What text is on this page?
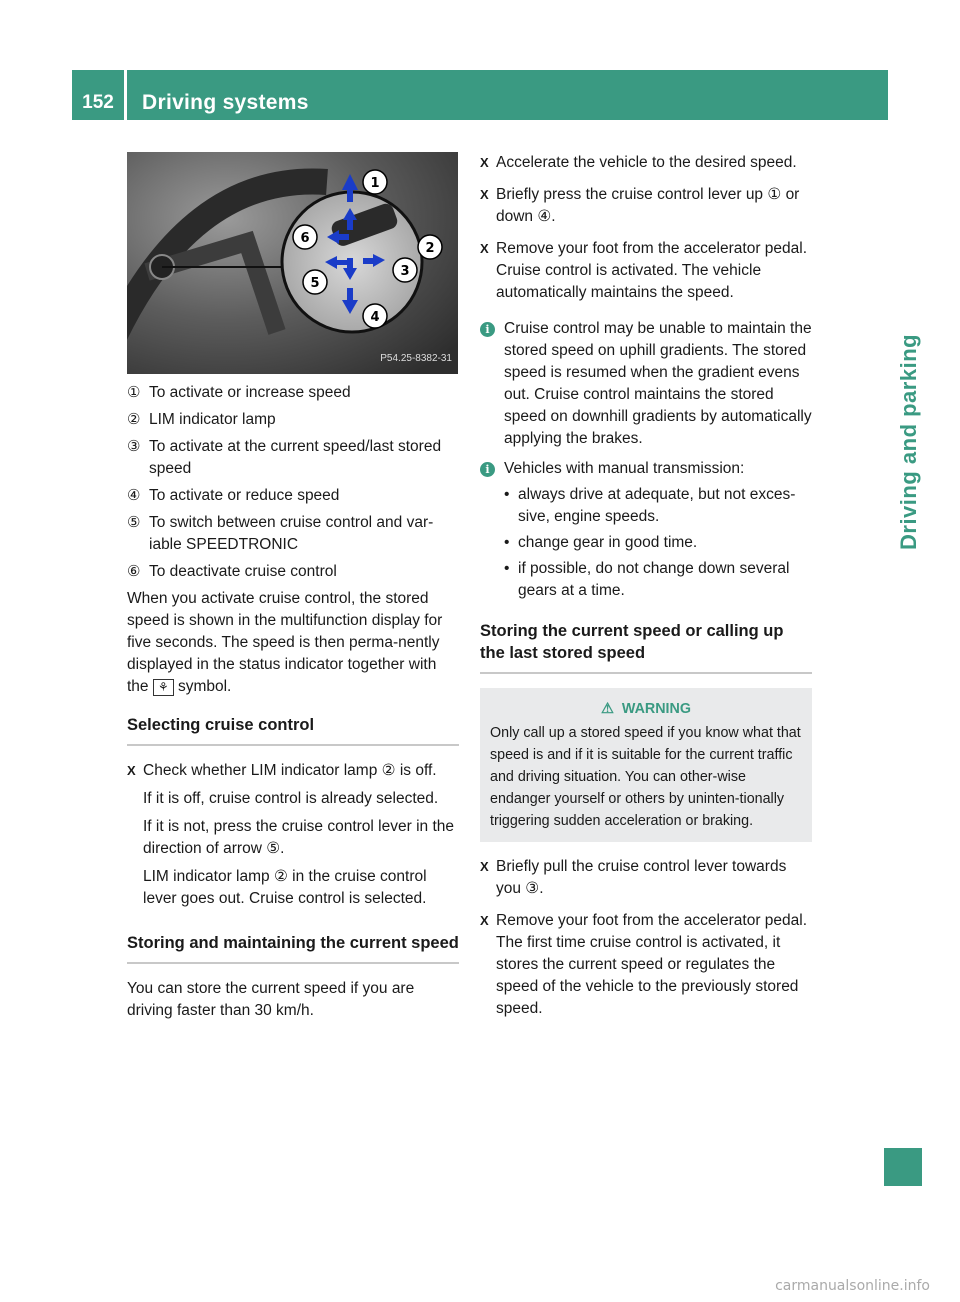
152	Driving systems
Driving and parking
1
2
3
4
5
6
P54.25-8382-31
① To activate or increase speed
② LIM indicator lamp
③ To activate at the current speed/last stored speed
④ To activate or reduce speed
⑤ To switch between cruise control and var-iable SPEEDTRONIC
⑥ To deactivate cruise control

When you activate cruise control, the stored speed is shown in the multifunction display for five seconds. The speed is then perma-nently displayed in the status indicator together with the ⚘ symbol.

Selecting cruise control
X Check whether LIM indicator lamp ② is off.

If it is off, cruise control is already selected.

If it is not, press the cruise control lever in the direction of arrow ⑤.

LIM indicator lamp ② in the cruise control lever goes out. Cruise control is selected.

Storing and maintaining the current speed

You can store the current speed if you are driving faster than 30 km/h.

X Accelerate the vehicle to the desired speed.

X Briefly press the cruise control lever up ① or down ④.

X Remove your foot from the accelerator pedal.

Cruise control is activated. The vehicle automatically maintains the speed.

i Cruise control may be unable to maintain the stored speed on uphill gradients. The stored speed is resumed when the gradient evens out. Cruise control maintains the stored speed on downhill gradients by automatically applying the brakes.
i Vehicles with manual transmission:
• always drive at adequate, but not exces-sive, engine speeds.
• change gear in good time.
• if possible, do not change down several gears at a time.
Storing the current speed or calling up the last stored speed
⚠ WARNING
Only call up a stored speed if you know what that speed is and if it is suitable for the current traffic and driving situation. You can other-wise endanger yourself or others by uninten-tionally triggering sudden acceleration or braking.
X Briefly pull the cruise control lever towards you ③.

X Remove your foot from the accelerator pedal.

The first time cruise control is activated, it stores the current speed or regulates the speed of the vehicle to the previously stored speed.

carmanualsonline.info
